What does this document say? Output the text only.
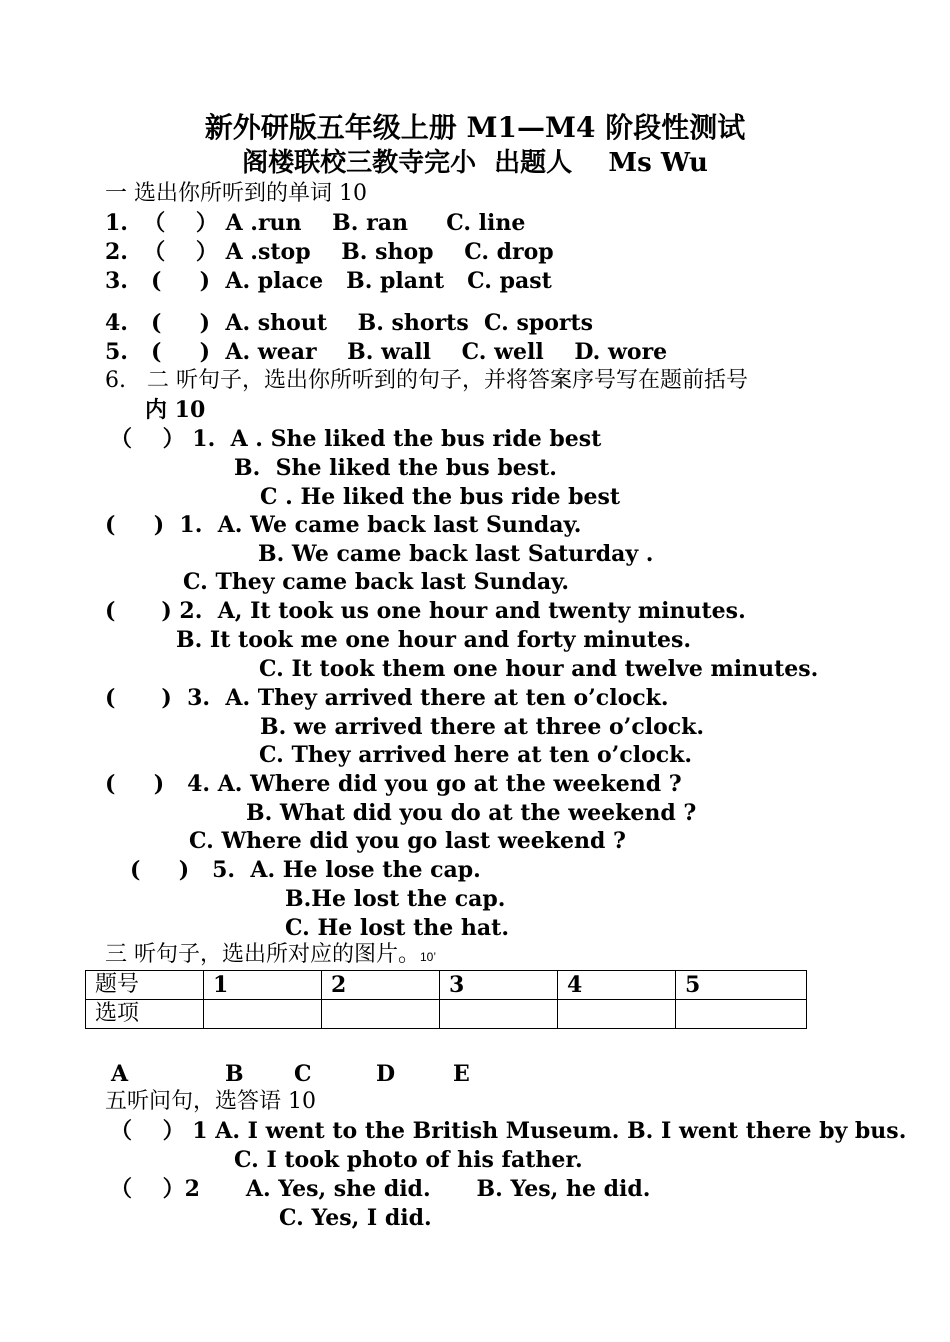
新外研版五年级上册 M1—M4 阶段性测试
阁楼联校三教寺完小  出题人    Ms Wu
一 选出你所听到的单词 10
1.  （    ） A .run    B. ran     C. line
2.  （    ） A .stop    B. shop    C. drop
3.   (     )  A. place   B. plant   C. past
4.   (     )  A. shout    B. shorts  C. sports
5.   (     )  A. wear    B. wall    C. well    D. wore
6.   二 听句子，选出你所听到的句子，并将答案序号写在题前括号
内 10
（    ） 1.  A . She liked the bus ride best
B.  She liked the bus best.
C . He liked the bus ride best
(     )  1.  A. We came back last Sunday.
B. We came back last Saturday .
C. They came back last Sunday.
(      ) 2.  A, It took us one hour and twenty minutes.
B. It took me one hour and forty minutes.
C. It took them one hour and twelve minutes.
(      )  3.  A. They arrived there at ten o’clock.
B. we arrived there at three o’clock.
C. They arrived here at ten o’clock.
(     )   4. A. Where did you go at the weekend ?
B. What did you do at the weekend ?
C. Where did you go last weekend ?
(     )   5.  A. He lose the cap.
B.He lost the cap.
C. He lost the hat.
三 听句子，选出所对应的图片。10’
题号	1	2	3	4	5
选项					
A	B C	D	E
五听问句，选答语 10
（    ） 1 A. I went to the British Museum. B. I went there by bus.
C. I took photo of his father.
（    ）2      A. Yes, she did.      B. Yes, he did.
C. Yes, I did.
